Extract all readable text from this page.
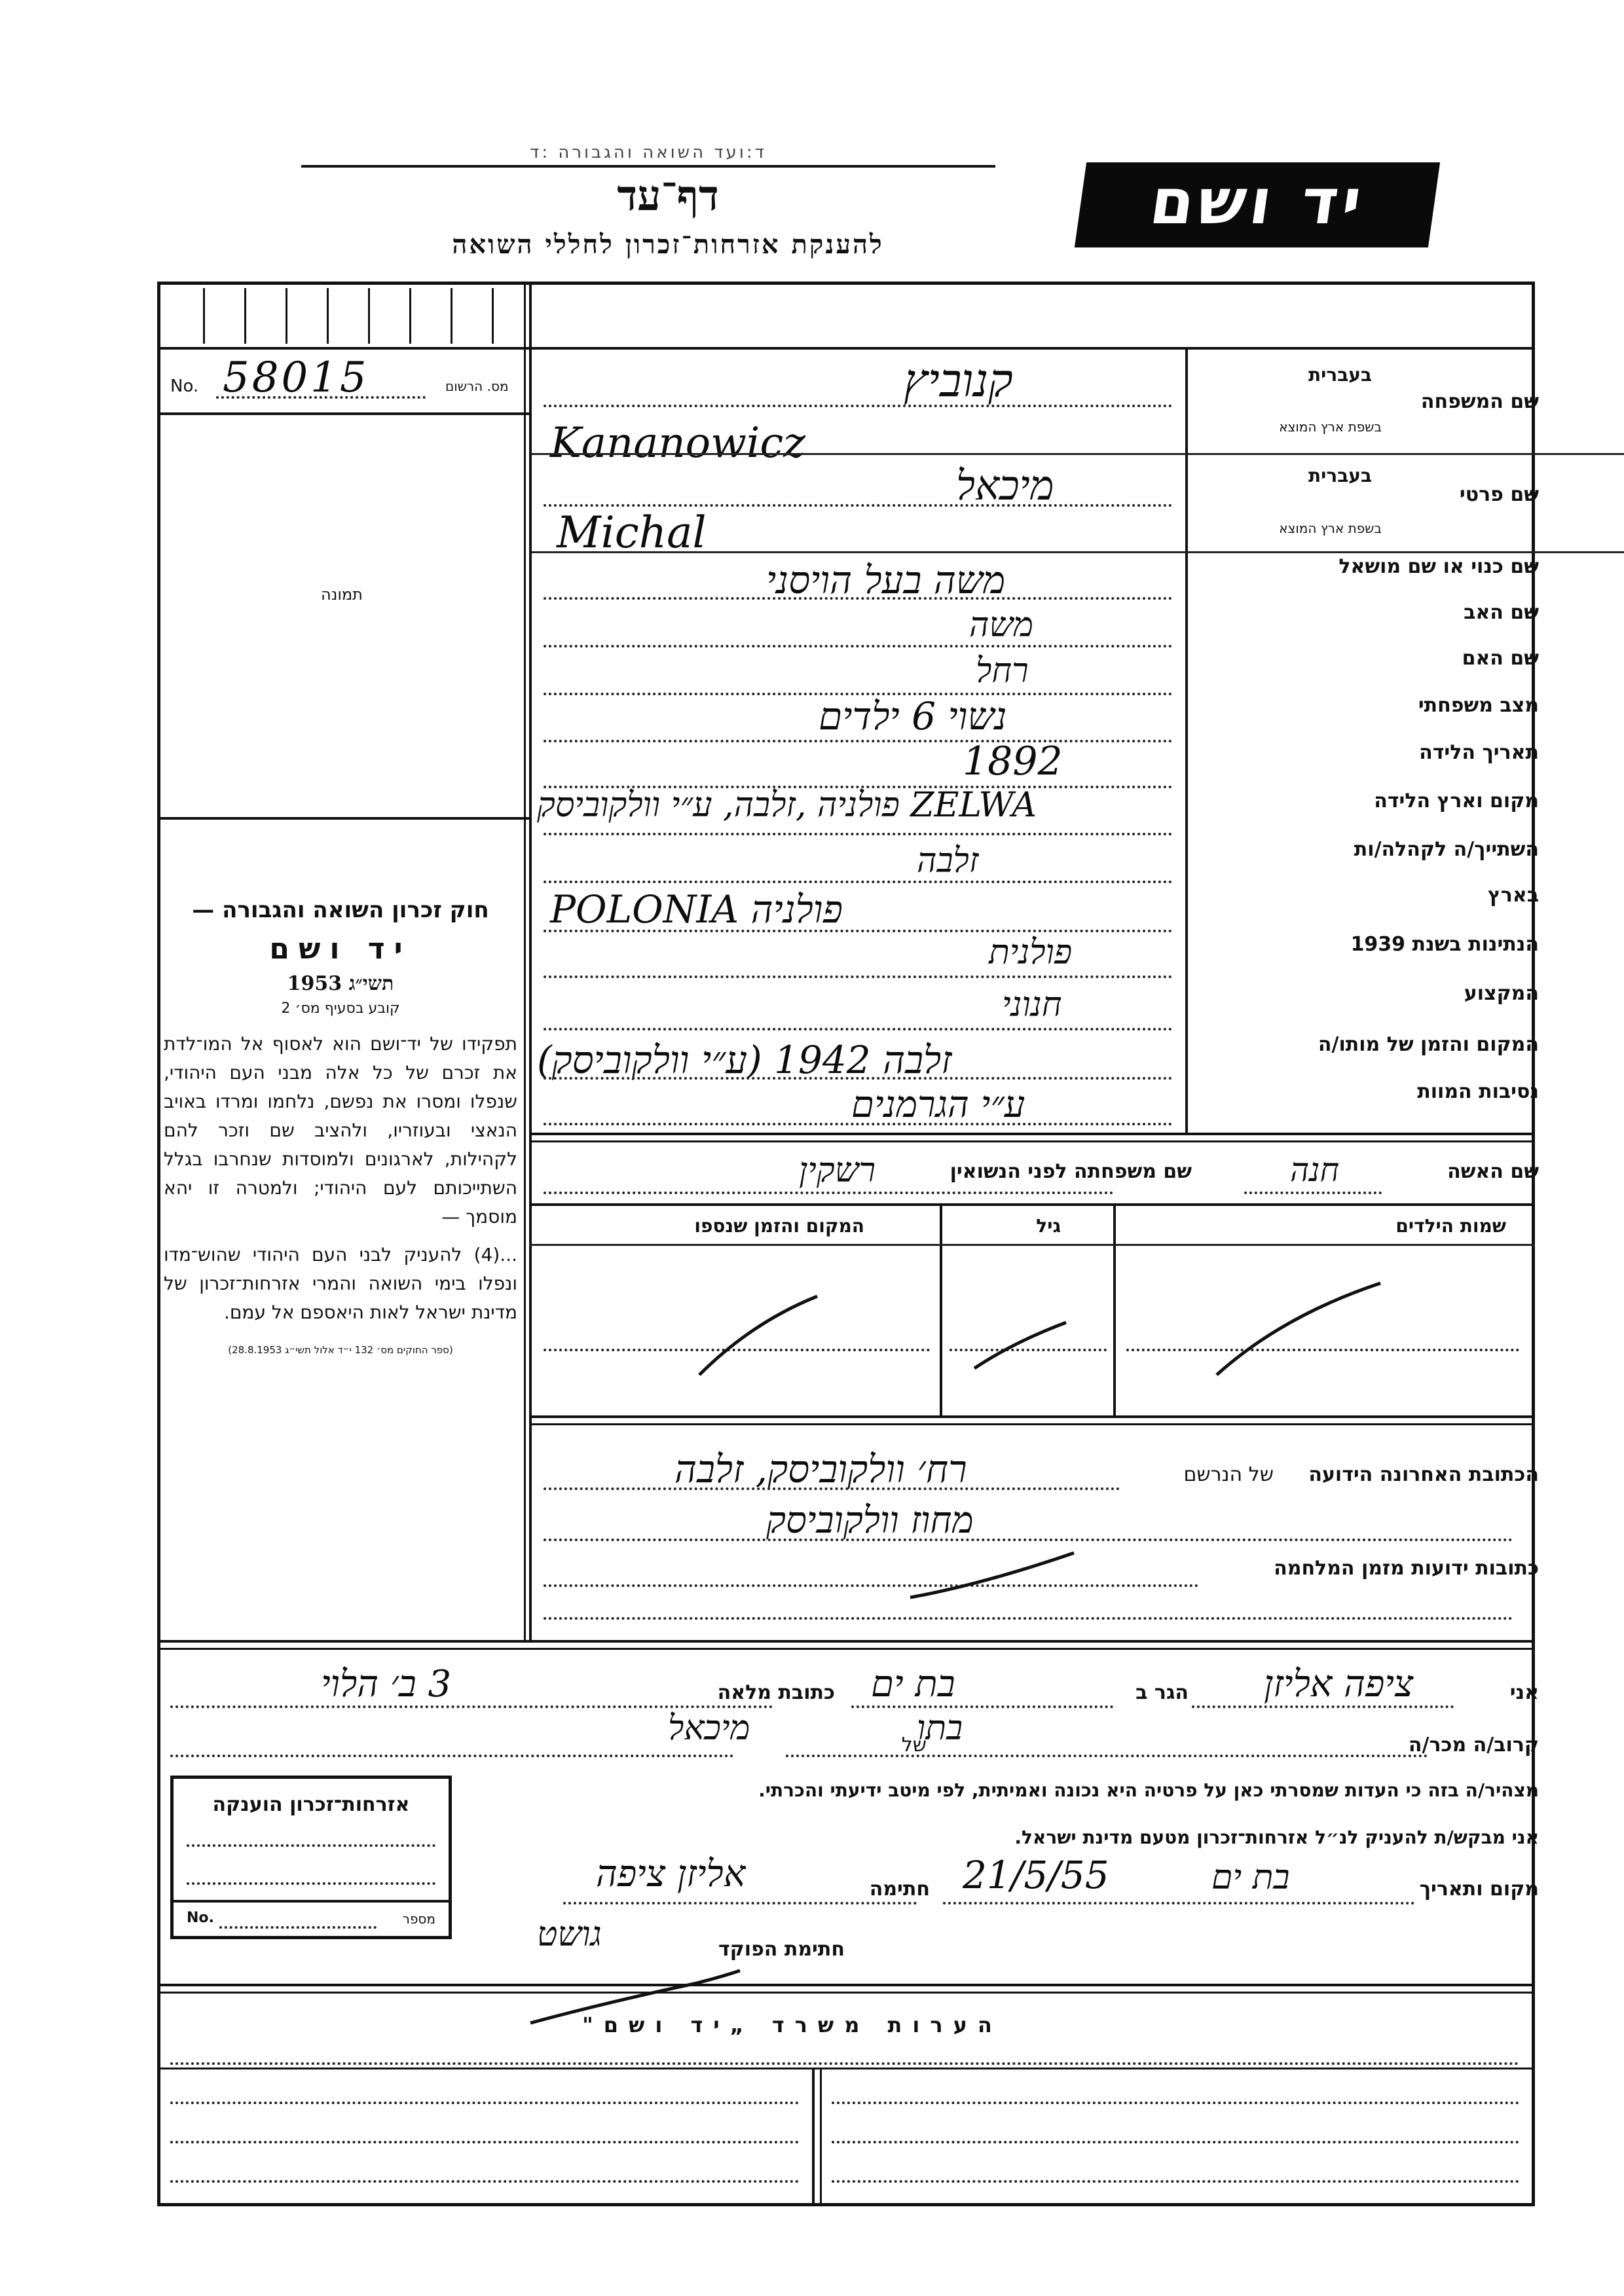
ד:ועד השואה והגבורה :ד
דף־עד
להענקת אזרחות־זכרון לחללי השואה
יד ושם
No. 58015	מס. הרשום
תמונה
חוק זכרון השואה והגבורה —
יד ושם
תשי״ג 1953
קובע בסעיף מס׳ 2
תפקידו של יד־ושם הוא לאסוף אל המו־לדת את זכרם של כל אלה מבני העם היהודי, שנפלו ומסרו את נפשם, נלחמו ומרדו באויב הנאצי ובעוזריו, ולהציב שם וזכר להם לקהילות, לארגונים ולמוסדות שנחרבו בגלל השתייכותם לעם היהודי; ולמטרה זו יהא מוסמך —
...(4) להעניק לבני העם היהודי שהוש־מדו ונפלו בימי השואה והמרי אזרחות־זכרון של מדינת ישראל לאות היאספם אל עמם.
(ספר החוקים מס׳ 132 י״ד אלול תשי״ג 28.8.1953)
בעברית
שם המשפחה
קנוביץ
בשפת ארץ המוצא
Kananowicz
בעברית
שם פרטי
מיכאל
בשפת ארץ המוצא
Michal
שם כנוי או שם מושאל
משה בעל הויסני
שם האב
משה
שם האם
רחל
מצב משפחתי
נשוי 6 ילדים
תאריך הלידה
1892
מקום וארץ הלידה
ZELWA פולניה ,זלבה, ע״י וולקוביסק
השתייך/ה לקהלה/ות
זלבה
בארץ
POLONIA פולניה
הנתינות בשנת 1939
פולנית
המקצוע
חנוני
המקום והזמן של מותו/ה
זלבה 1942 (ע״י וולקוביסק)
נסיבות המוות
ע״י הגרמנים
שם האשה
חנה
שם משפחתה לפני הנשואין
רשקין
שמות הילדים
גיל
המקום והזמן שנספו
הכתובת האחרונה הידועה
של הנרשם
רח׳ וולקוביסק, זלבה
מחוז וולקוביסק
כתובות ידועות מזמן המלחמה
אני
ציפה אליזן
הגר ב
בת ים
כתובת מלאה
3 ב׳ הלוי
קרוב/ה מכר/ה
בתו
של
מיכאל
מצהיר/ה בזה כי העדות שמסרתי כאן על פרטיה היא נכונה ואמיתית, לפי מיטב ידיעתי והכרתי.
אני מבקש/ת להעניק לנ״ל אזרחות־זכרון מטעם מדינת ישראל.
מקום ותאריך
בת ים
21/5/55
חתימה
אליזן ציפה
חתימת הפוקד
גושט
אזרחות־זכרון הוענקה
No.	מספר
הערות משרד „יד ושם"
